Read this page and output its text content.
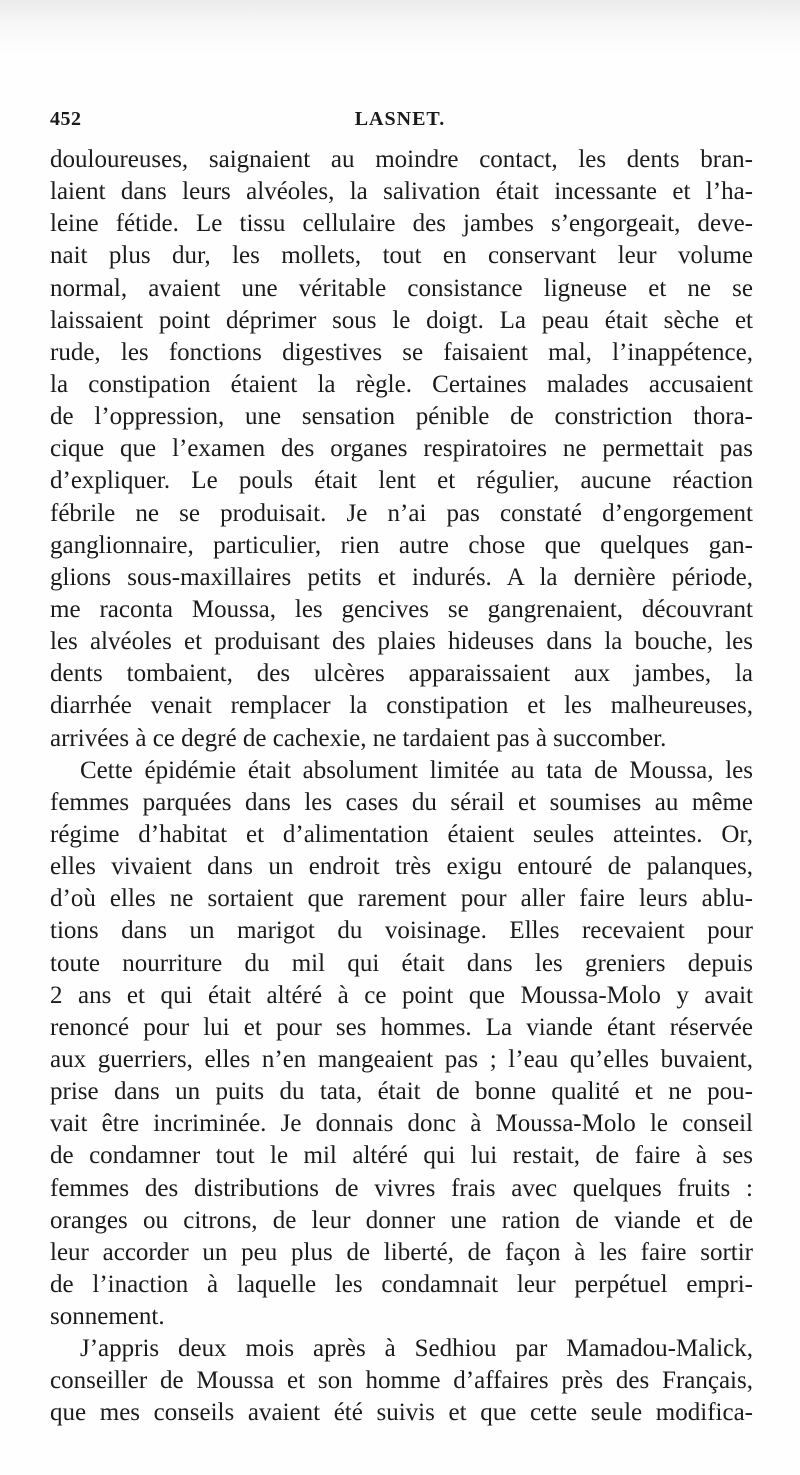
452	LASNET.
douloureuses, saignaient au moindre contact, les dents bran-
laient dans leurs alvéoles, la salivation était incessante et l’ha-
leine fétide. Le tissu cellulaire des jambes s’engorgeait, deve-
nait plus dur, les mollets, tout en conservant leur volume
normal, avaient une véritable consistance ligneuse et ne se
laissaient point déprimer sous le doigt. La peau était sèche et
rude, les fonctions digestives se faisaient mal, l’inappétence,
la constipation étaient la règle. Certaines malades accusaient
de l’oppression, une sensation pénible de constriction thora-
cique que l’examen des organes respiratoires ne permettait pas
d’expliquer. Le pouls était lent et régulier, aucune réaction
fébrile ne se produisait. Je n’ai pas constaté d’engorgement
ganglionnaire, particulier, rien autre chose que quelques gan-
glions sous-maxillaires petits et indurés. A la dernière période,
me raconta Moussa, les gencives se gangrenaient, découvrant
les alvéoles et produisant des plaies hideuses dans la bouche, les
dents tombaient, des ulcères apparaissaient aux jambes, la
diarrhée venait remplacer la constipation et les malheureuses,
arrivées à ce degré de cachexie, ne tardaient pas à succomber.
Cette épidémie était absolument limitée au tata de Moussa, les
femmes parquées dans les cases du sérail et soumises au même
régime d’habitat et d’alimentation étaient seules atteintes. Or,
elles vivaient dans un endroit très exigu entouré de palanques,
d’où elles ne sortaient que rarement pour aller faire leurs ablu-
tions dans un marigot du voisinage. Elles recevaient pour
toute nourriture du mil qui était dans les greniers depuis
2 ans et qui était altéré à ce point que Moussa-Molo y avait
renoncé pour lui et pour ses hommes. La viande étant réservée
aux guerriers, elles n’en mangeaient pas ; l’eau qu’elles buvaient,
prise dans un puits du tata, était de bonne qualité et ne pou-
vait être incriminée. Je donnais donc à Moussa-Molo le conseil
de condamner tout le mil altéré qui lui restait, de faire à ses
femmes des distributions de vivres frais avec quelques fruits :
oranges ou citrons, de leur donner une ration de viande et de
leur accorder un peu plus de liberté, de façon à les faire sortir
de l’inaction à laquelle les condamnait leur perpétuel empri-
sonnement.
J’appris deux mois après à Sedhiou par Mamadou-Malick,
conseiller de Moussa et son homme d’affaires près des Français,
que mes conseils avaient été suivis et que cette seule modifica-
